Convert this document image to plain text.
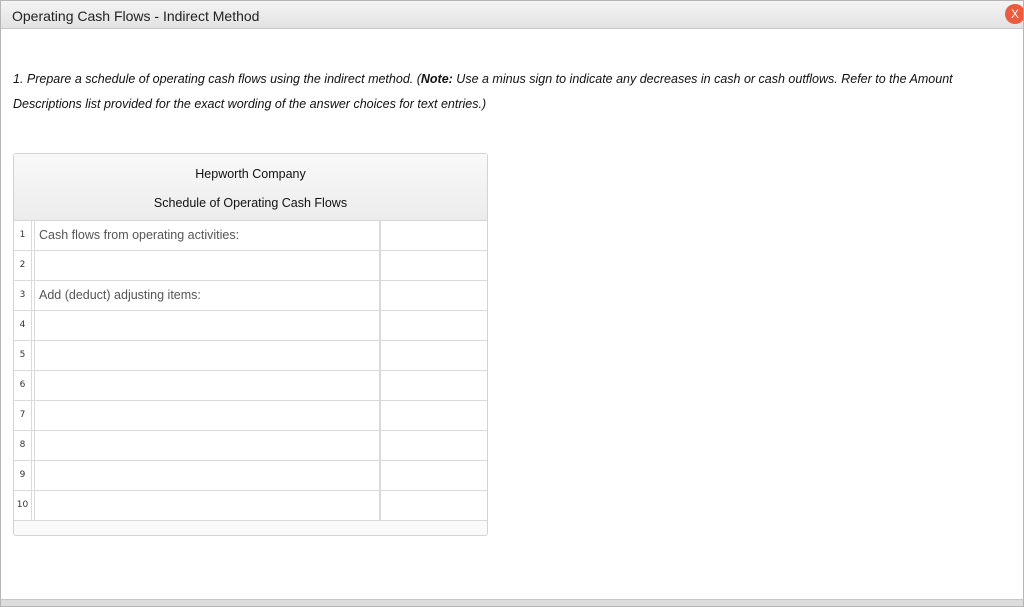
Operating Cash Flows - Indirect Method	X
1. Prepare a schedule of operating cash flows using the indirect method. (Note: Use a minus sign to indicate any decreases in cash or cash outflows. Refer to the Amount Descriptions list provided for the exact wording of the answer choices for text entries.)
Hepworth Company
Schedule of Operating Cash Flows
1	Cash flows from operating activities:
2
3	Add (deduct) adjusting items:
4
5
6
7
8
9
10
